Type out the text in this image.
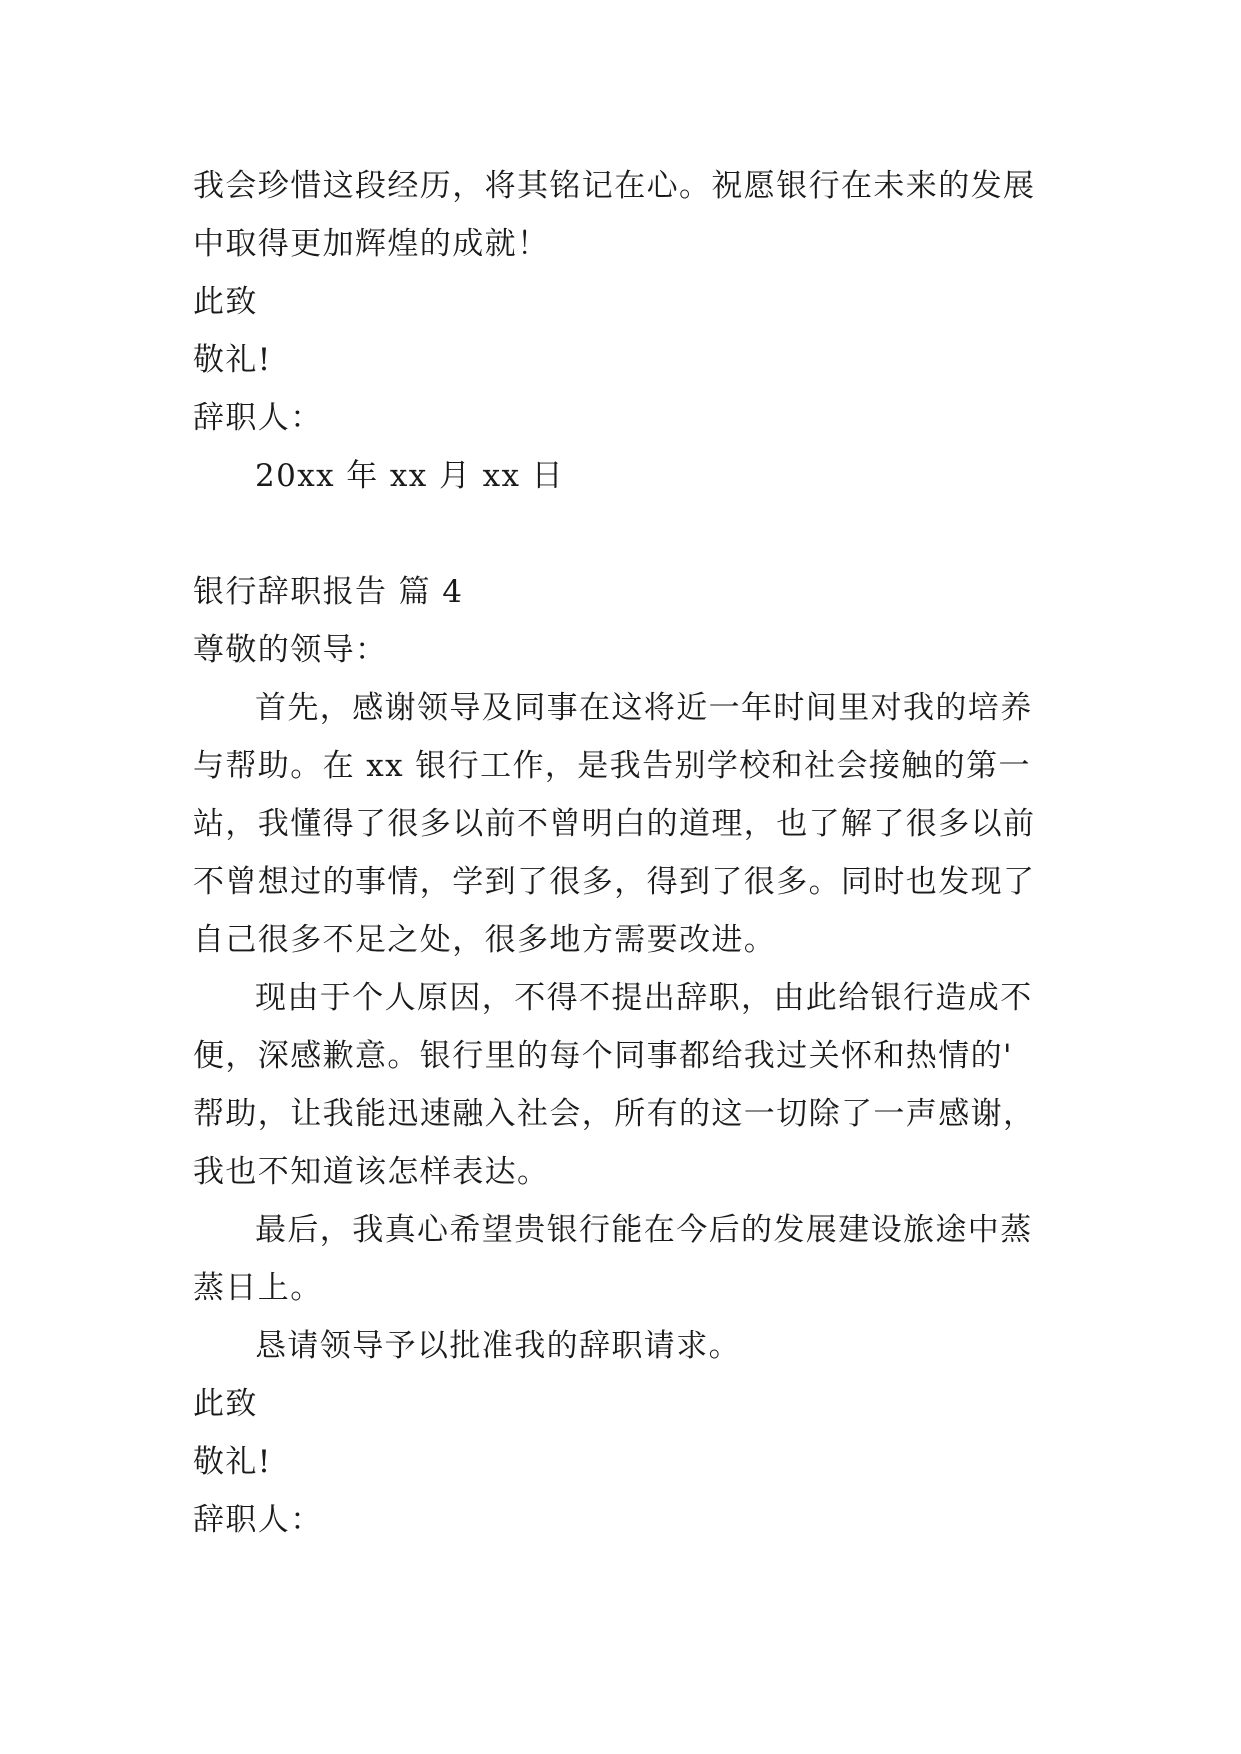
我会珍惜这段经历，将其铭记在心。祝愿银行在未来的发展
中取得更加辉煌的成就！
此致
敬礼!
辞职人：
20xx 年 xx 月 xx 日
银行辞职报告 篇 4
尊敬的领导：
首先，感谢领导及同事在这将近一年时间里对我的培养
与帮助。在 xx 银行工作，是我告别学校和社会接触的第一
站，我懂得了很多以前不曾明白的道理，也了解了很多以前
不曾想过的事情，学到了很多，得到了很多。同时也发现了
自己很多不足之处，很多地方需要改进。
现由于个人原因，不得不提出辞职，由此给银行造成不
便，深感歉意。银行里的每个同事都给我过关怀和热情的'
帮助，让我能迅速融入社会，所有的这一切除了一声感谢，
我也不知道该怎样表达。
最后，我真心希望贵银行能在今后的发展建设旅途中蒸
蒸日上。
恳请领导予以批准我的辞职请求。
此致
敬礼!
辞职人：
